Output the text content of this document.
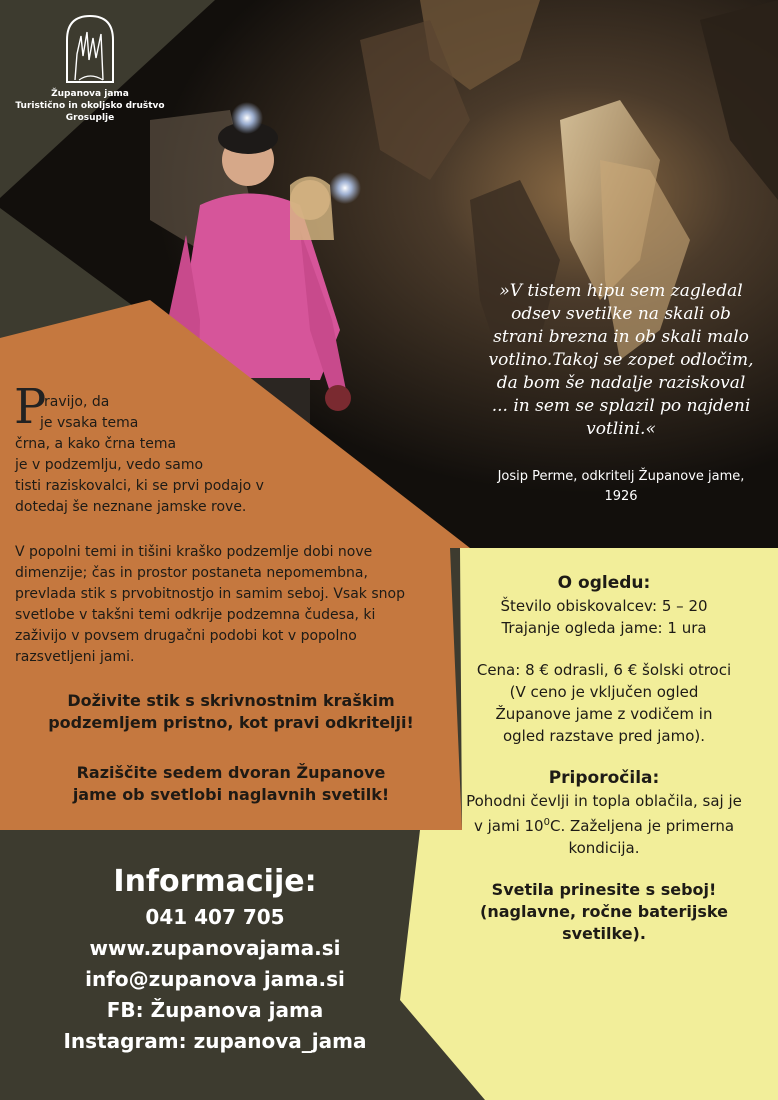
Županova jama
Turistično in okoljsko društvo
Grosuplje
»V tistem hipu sem zagledal
odsev svetilke na skali ob
strani brezna in ob skali malo
votlino.Takoj se zopet odločim,
da bom še nadalje raziskoval
... in sem se splazil po najdeni
votlini.«
Josip Perme, odkritelj Županove jame,
1926
P
ravijo, da
je vsaka tema
črna, a kako črna tema
je v podzemlju, vedo samo
tisti raziskovalci, ki se prvi podajo v
dotedaj še neznane jamske rove.
V popolni temi in tišini kraško podzemlje dobi nove
dimenzije; čas in prostor postaneta nepomembna,
prevlada stik s prvobitnostjo in samim seboj. Vsak snop
svetlobe v takšni temi odkrije podzemna čudesa, ki
zaživijo v povsem drugačni podobi kot v popolno
razsvetljeni jami.
Doživite stik s skrivnostnim kraškim
podzemljem pristno, kot pravi odkritelji!
Raziščite sedem dvoran Županove
jame ob svetlobi naglavnih svetilk!
Informacije:
041 407 705
www.zupanovajama.si
info@zupanova jama.si
FB: Županova jama
Instagram: zupanova_jama
O ogledu:
Število obiskovalcev: 5 – 20
Trajanje ogleda jame: 1 ura
Cena: 8 € odrasli, 6 € šolski otroci
(V ceno je vključen ogled
Županove jame z vodičem in
ogled razstave pred jamo).
Priporočila:
Pohodni čevlji in topla oblačila, saj je
v jami $10^0C$. Zaželjena je primerna
kondicija.
Svetila prinesite s seboj!
(naglavne, ročne baterijske
svetilke).
